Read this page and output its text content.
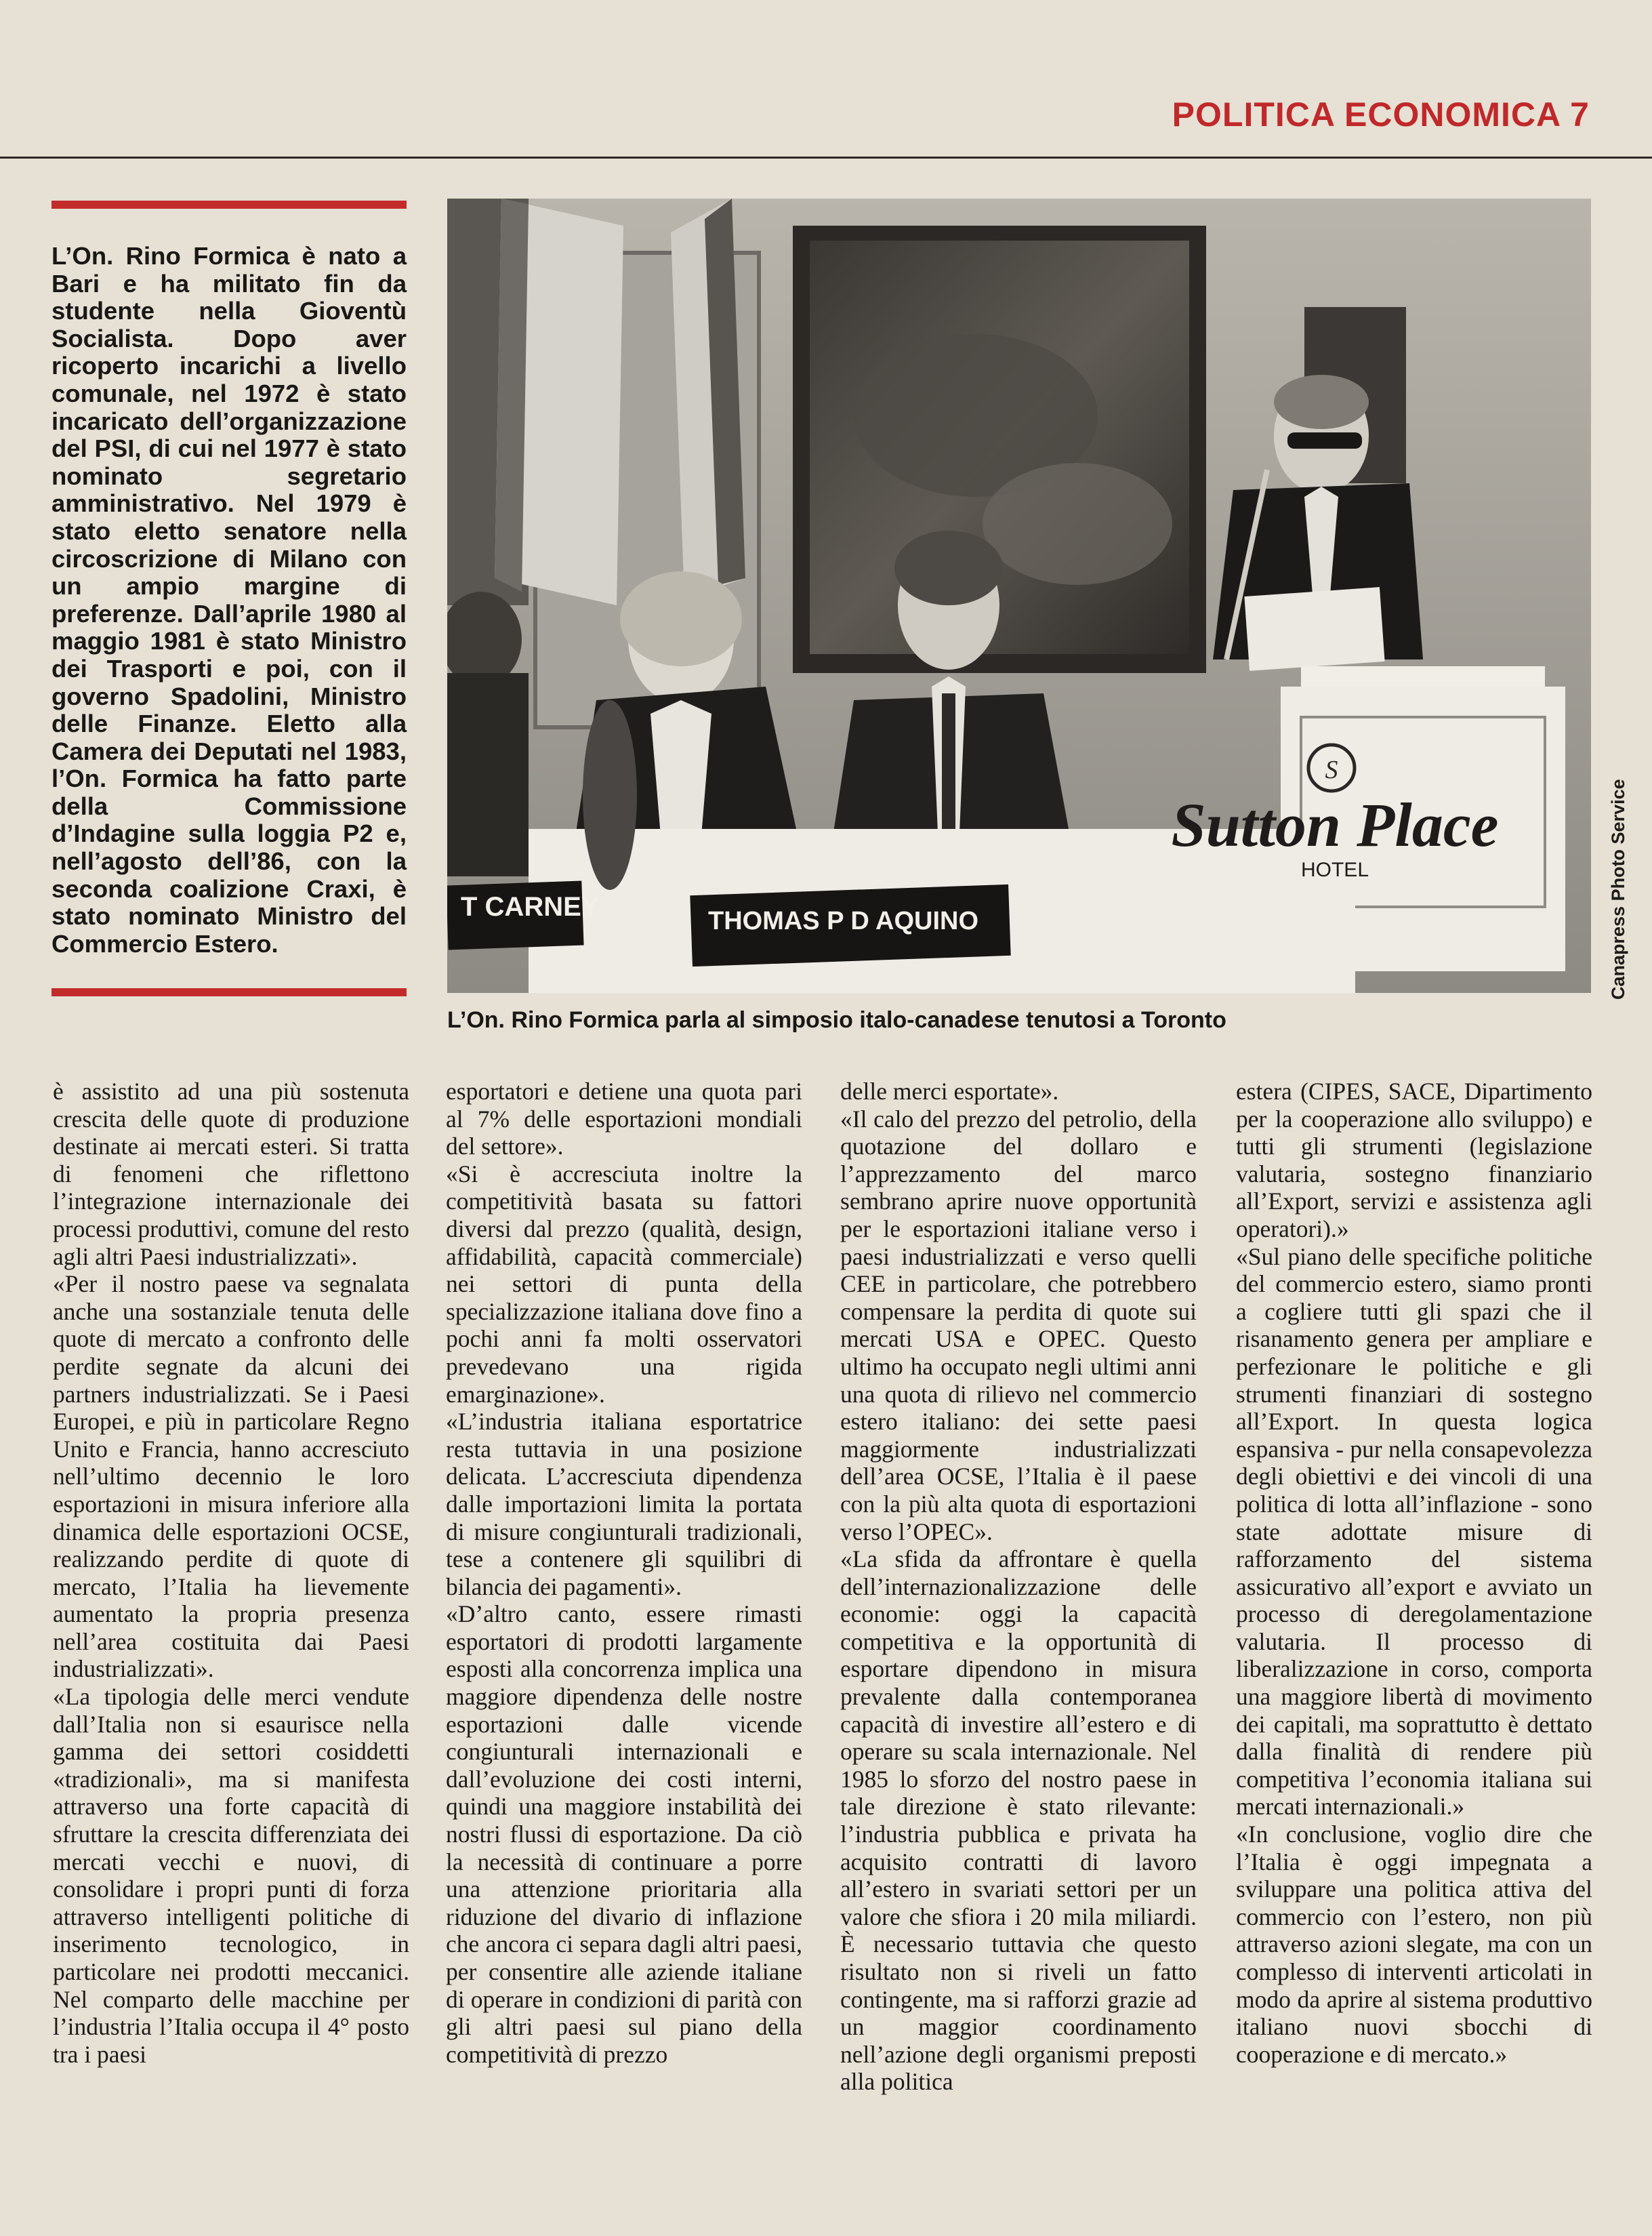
POLITICA ECONOMICA 7
L’On. Rino Formica è nato a Bari e ha militato fin da studente nella Gioventù Socialista. Dopo aver ricoperto incarichi a livello comunale, nel 1972 è stato incaricato dell’organizzazione del PSI, di cui nel 1977 è stato nominato segretario amministrativo. Nel 1979 è stato eletto senatore nella circoscrizione di Milano con un ampio margine di preferenze. Dall’aprile 1980 al maggio 1981 è stato Ministro dei Trasporti e poi, con il governo Spadolini, Ministro delle Finanze. Eletto alla Camera dei Deputati nel 1983, l’On. Formica ha fatto parte della Commissione d’Indagine sulla loggia P2 e, nell’agosto dell’86, con la seconda coalizione Craxi, è stato nominato Ministro del Commercio Estero.
T CARNEY	THOMAS P D AQUINO
S
Sutton Place
HOTEL	Canapress Photo Service
L’On. Rino Formica parla al simposio italo-canadese tenutosi a Toronto

è assistito ad una più sostenuta crescita delle quote di produzione destinate ai mercati esteri. Si tratta di fenomeni che riflettono l’integrazione internazionale dei processi produttivi, comune del resto agli altri Paesi industrializzati».

«Per il nostro paese va segnalata anche una sostanziale tenuta delle quote di mercato a confronto delle perdite segnate da alcuni dei partners industrializzati. Se i Paesi Europei, e più in particolare Regno Unito e Francia, hanno accresciuto nell’ultimo decennio le loro esportazioni in misura inferiore alla dinamica delle esportazioni OCSE, realizzando perdite di quote di mercato, l’Italia ha lievemente aumentato la propria presenza nell’area costituita dai Paesi industrializzati».

«La tipologia delle merci vendute dall’Italia non si esaurisce nella gamma dei settori cosiddetti «tradizionali», ma si manifesta attraverso una forte capacità di sfruttare la crescita differenziata dei mercati vecchi e nuovi, di consolidare i propri punti di forza attraverso intelligenti politiche di inserimento tecnologico, in particolare nei prodotti meccanici. Nel comparto delle macchine per l’industria l’Italia occupa il 4° posto tra i paesi

esportatori e detiene una quota pari al 7% delle esportazioni mondiali del settore».

«Si è accresciuta inoltre la competitività basata su fattori diversi dal prezzo (qualità, design, affidabilità, capacità commerciale) nei settori di punta della specializzazione italiana dove fino a pochi anni fa molti osservatori prevedevano una rigida emarginazione».

«L’industria italiana esportatrice resta tuttavia in una posizione delicata. L’accresciuta dipendenza dalle importazioni limita la portata di misure congiunturali tradizionali, tese a contenere gli squilibri di bilancia dei pagamenti».

«D’altro canto, essere rimasti esportatori di prodotti largamente esposti alla concorrenza implica una maggiore dipendenza delle nostre esportazioni dalle vicende congiunturali internazionali e dall’evoluzione dei costi interni, quindi una maggiore instabilità dei nostri flussi di esportazione. Da ciò la necessità di continuare a porre una attenzione prioritaria alla riduzione del divario di inflazione che ancora ci separa dagli altri paesi, per consentire alle aziende italiane di operare in condizioni di parità con gli altri paesi sul piano della competitività di prezzo

delle merci esportate».

«Il calo del prezzo del petrolio, della quotazione del dollaro e l’apprezzamento del marco sembrano aprire nuove opportunità per le esportazioni italiane verso i paesi industrializzati e verso quelli CEE in particolare, che potrebbero compensare la perdita di quote sui mercati USA e OPEC. Questo ultimo ha occupato negli ultimi anni una quota di rilievo nel commercio estero italiano: dei sette paesi maggiormente industrializzati dell’area OCSE, l’Italia è il paese con la più alta quota di esportazioni verso l’OPEC».

«La sfida da affrontare è quella dell’internazionalizzazione delle economie: oggi la capacità competitiva e la opportunità di esportare dipendono in misura prevalente dalla contemporanea capacità di investire all’estero e di operare su scala internazionale. Nel 1985 lo sforzo del nostro paese in tale direzione è stato rilevante: l’industria pubblica e privata ha acquisito contratti di lavoro all’estero in svariati settori per un valore che sfiora i 20 mila miliardi. È necessario tuttavia che questo risultato non si riveli un fatto contingente, ma si rafforzi grazie ad un maggior coordinamento nell’azione degli organismi preposti alla politica

estera (CIPES, SACE, Dipartimento per la cooperazione allo sviluppo) e tutti gli strumenti (legislazione valutaria, sostegno finanziario all’Export, servizi e assistenza agli operatori).»

«Sul piano delle specifiche politiche del commercio estero, siamo pronti a cogliere tutti gli spazi che il risanamento genera per ampliare e perfezionare le politiche e gli strumenti finanziari di sostegno all’Export. In questa logica espansiva - pur nella consapevolezza degli obiettivi e dei vincoli di una politica di lotta all’inflazione - sono state adottate misure di rafforzamento del sistema assicurativo all’export e avviato un processo di deregolamentazione valutaria. Il processo di liberalizzazione in corso, comporta una maggiore libertà di movimento dei capitali, ma soprattutto è dettato dalla finalità di rendere più competitiva l’economia italiana sui mercati internazionali.»

«In conclusione, voglio dire che l’Italia è oggi impegnata a sviluppare una politica attiva del commercio con l’estero, non più attraverso azioni slegate, ma con un complesso di interventi articolati in modo da aprire al sistema produttivo italiano nuovi sbocchi di cooperazione e di mercato.»
